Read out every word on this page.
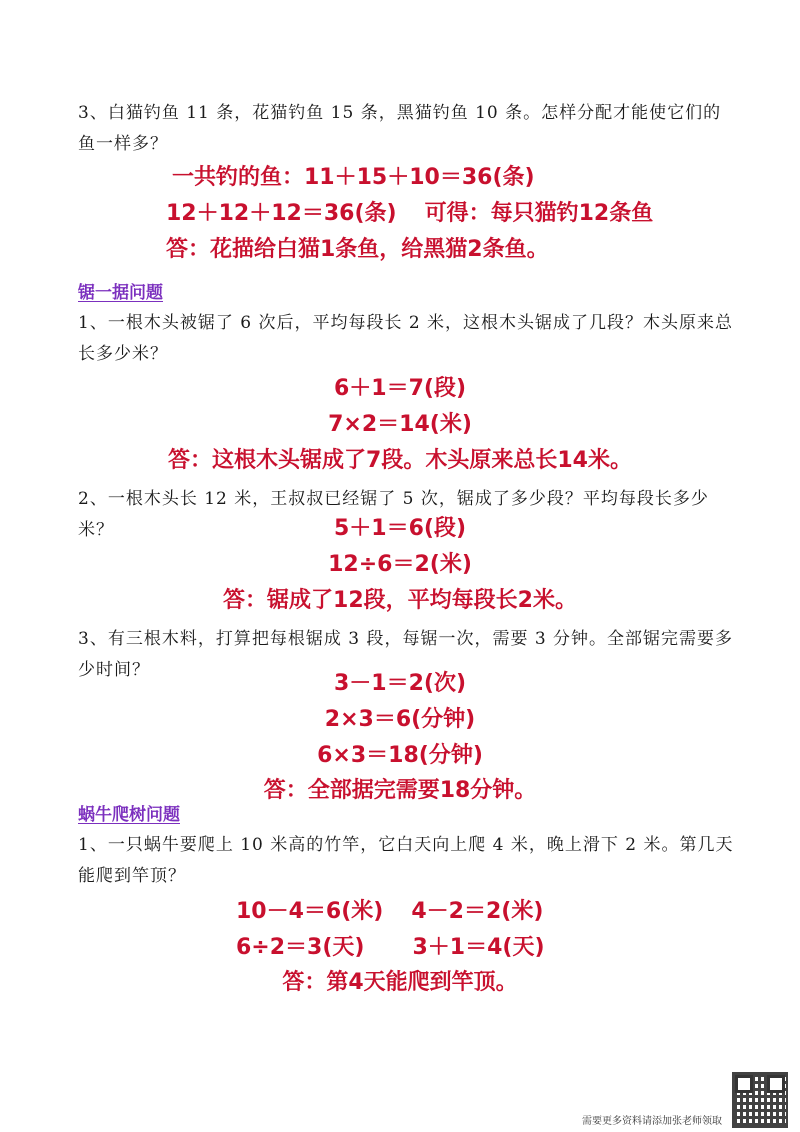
3、白猫钓鱼 11 条，花猫钓鱼 15 条，黑猫钓鱼 10 条。怎样分配才能使它们的鱼一样多？
一共钓的鱼：11＋15＋10＝36(条)
12＋12＋12＝36(条) 可得：每只猫钓12条鱼
答：花描给白猫1条鱼，给黑猫2条鱼。
锯一据问题
1、一根木头被锯了 6 次后，平均每段长 2 米，这根木头锯成了几段？木头原来总长多少米？
6＋1＝7(段)
7×2＝14(米)
答：这根木头锯成了7段。木头原来总长14米。
2、一根木头长 12 米，王叔叔已经锯了 5 次，锯成了多少段？平均每段长多少米？	5＋1＝6(段)
12÷6＝2(米)
答：锯成了12段，平均每段长2米。
3、有三根木料，打算把每根锯成 3 段，每锯一次，需要 3 分钟。全部锯完需要多少时间？
3－1＝2(次)
2×3＝6(分钟)
6×3＝18(分钟)
答：全部据完需要18分钟。
蜗牛爬树问题
1、一只蜗牛要爬上 10 米高的竹竿，它白天向上爬 4 米，晚上滑下 2 米。第几天能爬到竿顶？
10－4＝6(米) 4－2＝2(米)
6÷2＝3(天) 3＋1＝4(天)
答：第4天能爬到竿顶。
需要更多资料请添加张老师领取
